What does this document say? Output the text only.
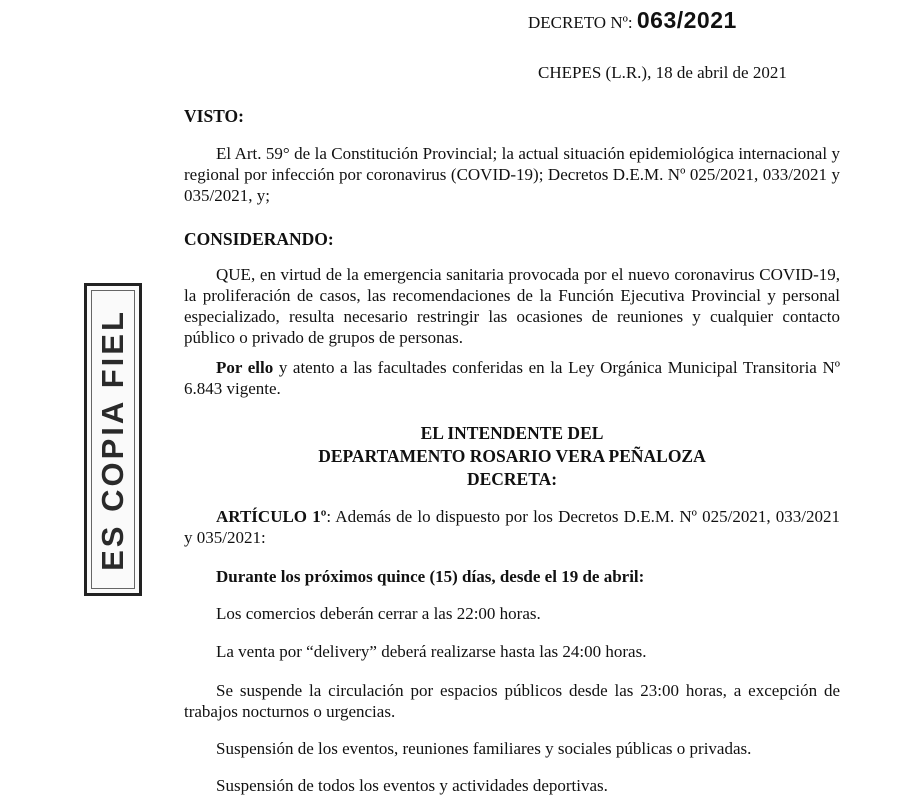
DECRETO Nº: 063/2021
CHEPES (L.R.), 18 de abril de 2021
VISTO:
El Art. 59° de la Constitución Provincial; la actual situación epidemiológica internacional y regional por infección por coronavirus (COVID-19); Decretos D.E.M. Nº 025/2021, 033/2021 y 035/2021, y;
CONSIDERANDO:
QUE, en virtud de la emergencia sanitaria provocada por el nuevo coronavirus COVID-19, la proliferación de casos, las recomendaciones de la Función Ejecutiva Provincial y personal especializado, resulta necesario restringir las ocasiones de reuniones y cualquier contacto público o privado de grupos de personas.
Por ello y atento a las facultades conferidas en la Ley Orgánica Municipal Transitoria Nº 6.843 vigente.
EL INTENDENTE DEL
DEPARTAMENTO ROSARIO VERA PEÑALOZA
DECRETA:
ARTÍCULO 1º: Además de lo dispuesto por los Decretos D.E.M. Nº 025/2021, 033/2021 y 035/2021:
Durante los próximos quince (15) días, desde el 19 de abril:
Los comercios deberán cerrar a las 22:00 horas.
La venta por “delivery” deberá realizarse hasta las 24:00 horas.
Se suspende la circulación por espacios públicos desde las 23:00 horas, a excepción de trabajos nocturnos o urgencias.
Suspensión de los eventos, reuniones familiares y sociales públicas o privadas.
Suspensión de todos los eventos y actividades deportivas.
ES COPIA FIEL
